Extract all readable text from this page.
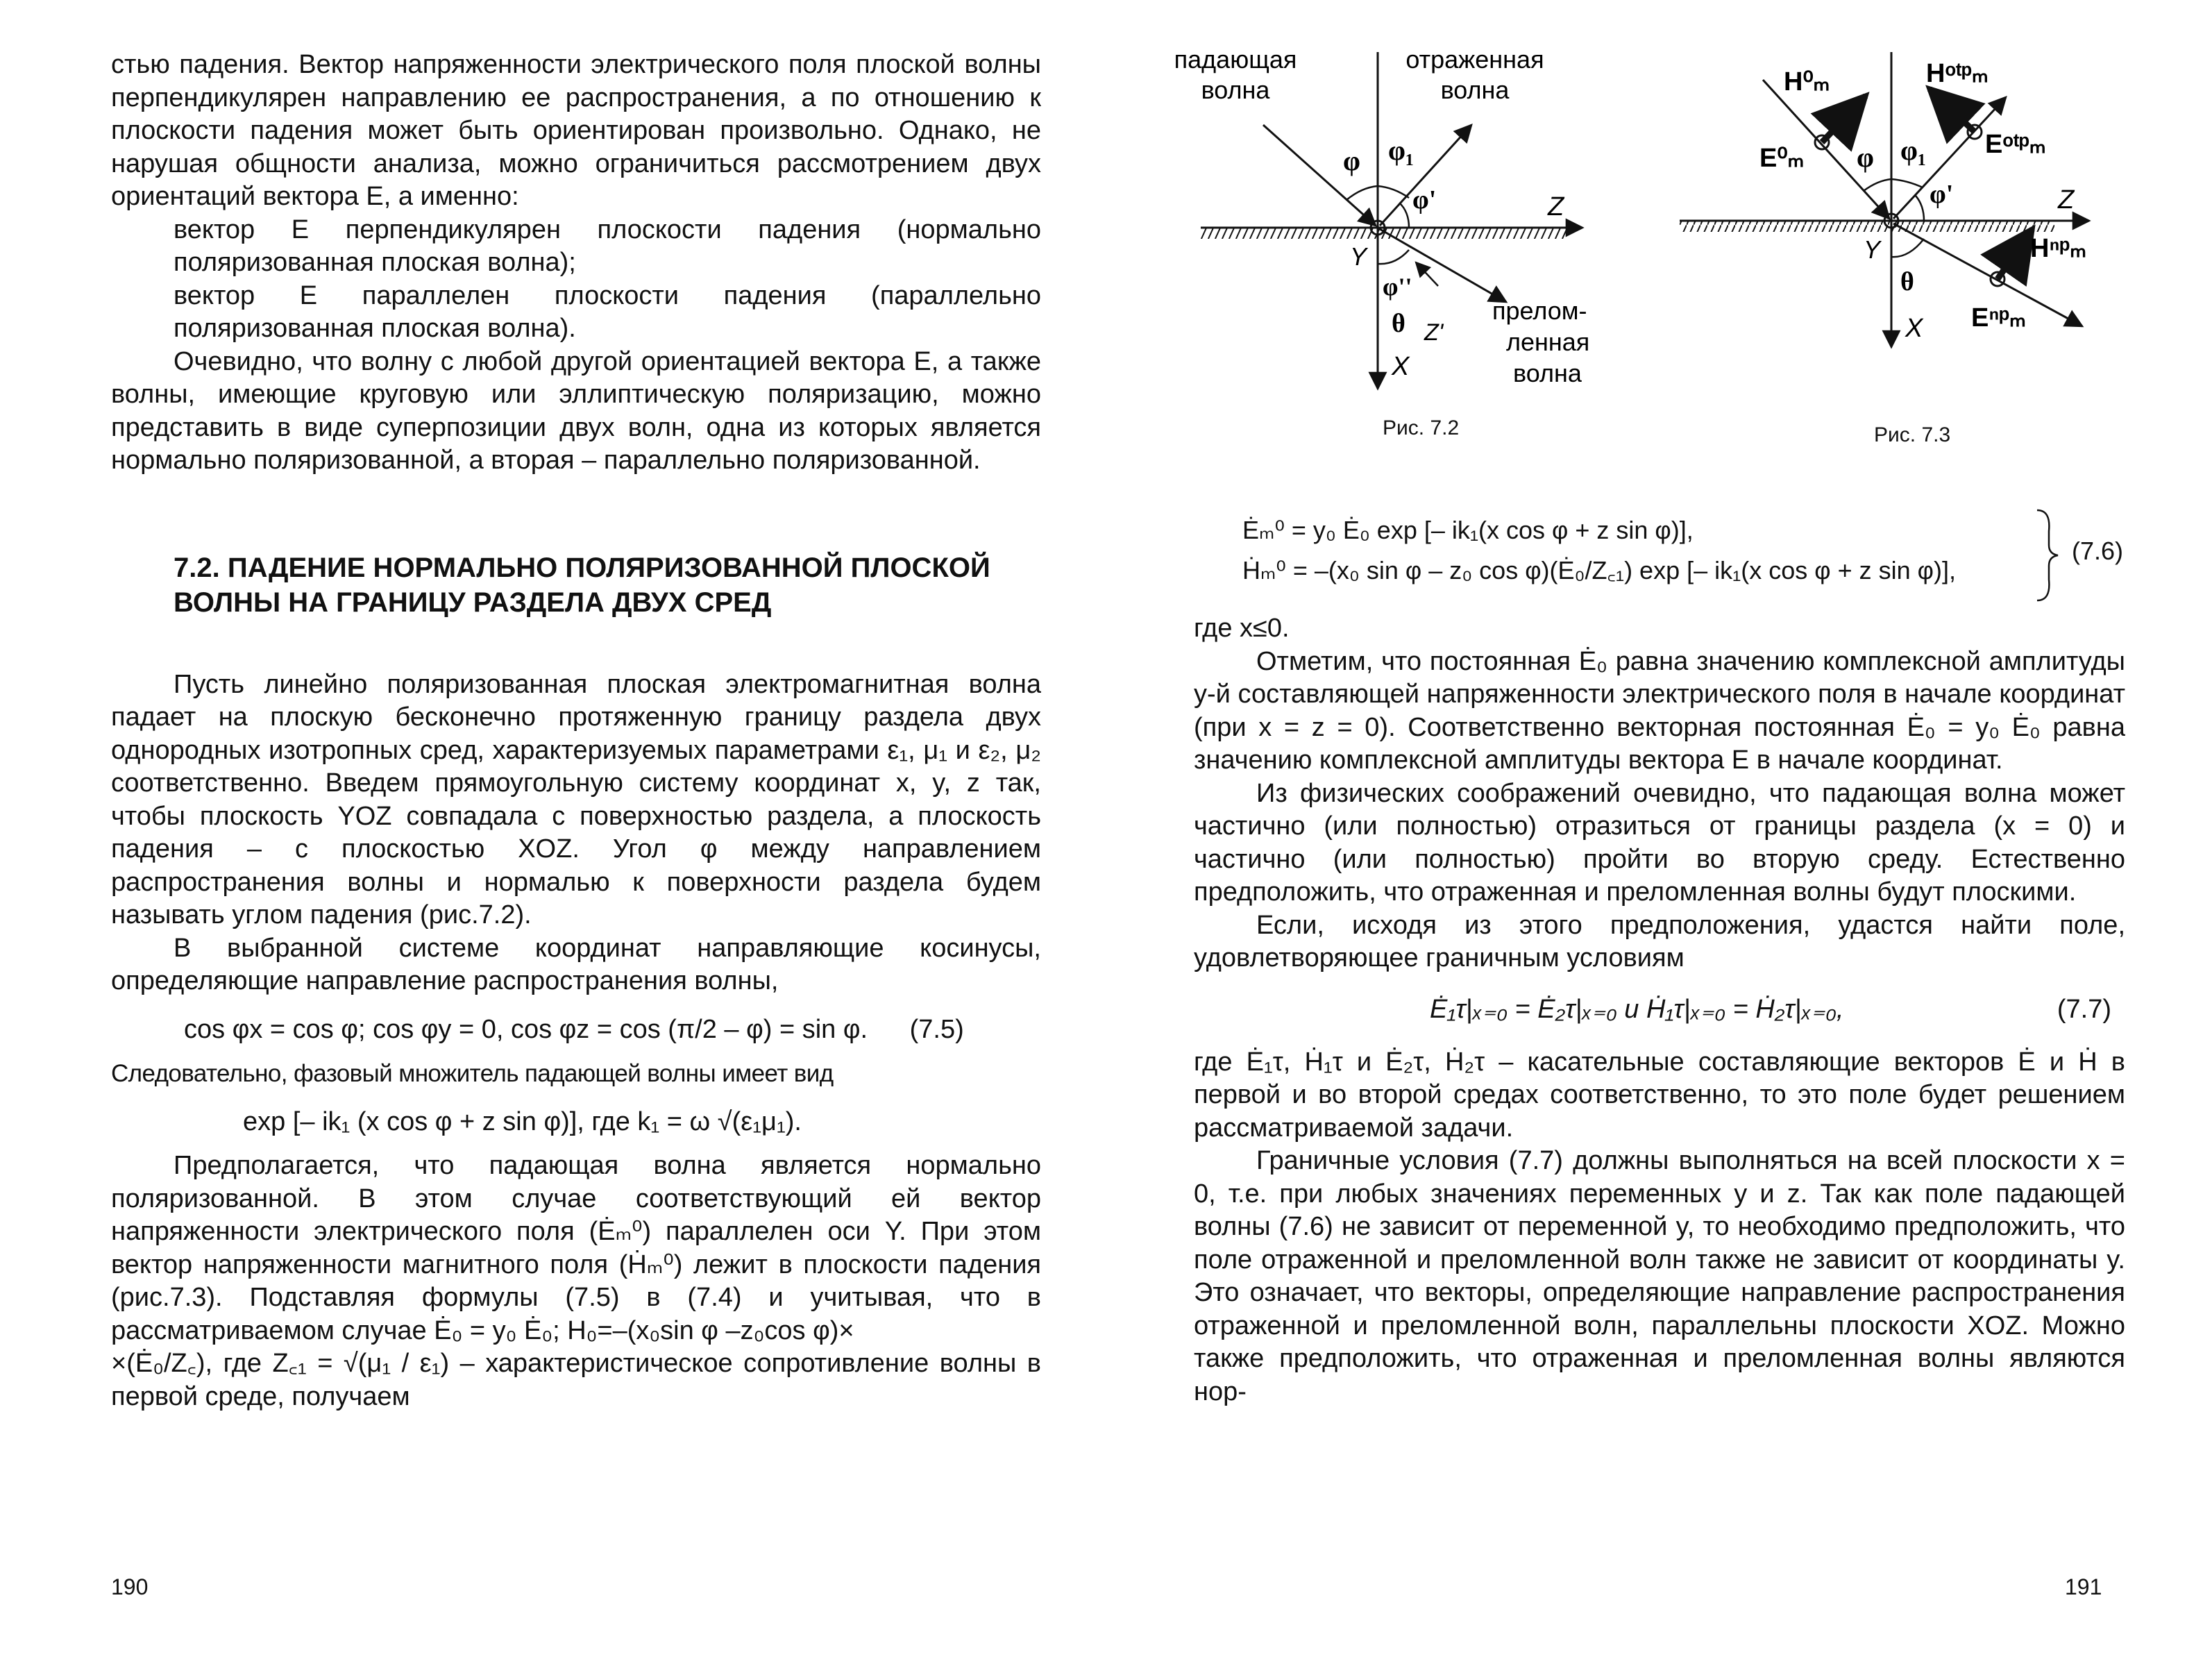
стью падения. Вектор напряженности электрического поля плоской волны перпендикулярен направлению ее распространения, а по отношению к плоскости падения может быть ориентирован произвольно. Однако, не нарушая общности анализа, можно ограничиться рассмотрением двух ориентаций вектора E, а именно:

вектор E перпендикулярен плоскости падения (нормально поляризованная плоская волна);

вектор E параллелен плоскости падения (параллельно поляризованная плоская волна).

Очевидно, что волну с любой другой ориентацией вектора E, а также волны, имеющие круговую или эллиптическую поляризацию, можно представить в виде суперпозиции двух волн, одна из которых является нормально поляризованной, а вторая – параллельно поляризованной.

7.2. ПАДЕНИЕ НОРМАЛЬНО ПОЛЯРИЗОВАННОЙ ПЛОСКОЙ ВОЛНЫ НА ГРАНИЦУ РАЗДЕЛА ДВУХ СРЕД

Пусть линейно поляризованная плоская электромагнитная волна падает на плоскую бесконечно протяженную границу раздела двух однородных изотропных сред, характеризуемых параметрами ε₁, μ₁ и ε₂, μ₂ соответственно. Введем прямоугольную систему координат x, y, z так, чтобы плоскость YOZ совпадала с поверхностью раздела, а плоскость падения – с плоскостью XOZ. Угол φ между направлением распространения волны и нормалью к поверхности раздела будем называть углом падения (рис.7.2).

В выбранной системе координат направляющие косинусы, определяющие направление распространения волны,

cos φx = cos φ; cos φy = 0, cos φz = cos (π/2 – φ) = sin φ. (7.5)

Следовательно, фазовый множитель падающей волны имеет вид

exp [– ik₁ (x cos φ + z sin φ)], где k₁ = ω √(ε₁μ₁).

Предполагается, что падающая волна является нормально поляризованной. В этом случае соответствующий ей вектор напряженности электрического поля (Ėₘ⁰) параллелен оси Y. При этом вектор напряженности магнитного поля (Ḣₘ⁰) лежит в плоскости падения (рис.7.3). Подставляя формулы (7.5) в (7.4) и учитывая, что в рассматриваемом случае Ė₀ = y₀ Ė₀; H₀=–(x₀sin φ –z₀cos φ)×

×(Ė₀/Z꜀), где Z꜀₁ = √(μ₁ / ε₁) – характеристическое сопротивление волны в первой среде, получаем

190
падающая
волна
отраженная
волна
прелом-
ленная
волна
φ φ₁
φ'
φ''
θ
Z
Y
X
Z'
Рис. 7.2
H⁰ₘ	Hᵒᵗᵖₘ
E⁰ₘ	Eᵒᵗᵖₘ
Hⁿᵖₘ
Eⁿᵖₘ
φ φ₁
φ'
θ
Z
Y
X
Рис. 7.3
Ėₘ⁰ = y₀ Ė₀ exp [– ik₁(x cos φ + z sin φ)],
Ḣₘ⁰ = –(x₀ sin φ – z₀ cos φ)(Ė₀/Z꜀₁) exp [– ik₁(x cos φ + z sin φ)],
(7.6)

где x≤0.

Отметим, что постоянная Ė₀ равна значению комплексной амплитуды y-й составляющей напряженности электрического поля в начале координат (при x = z = 0). Соответственно векторная постоянная Ė₀ = y₀ Ė₀ равна значению комплексной амплитуды вектора E в начале координат.

Из физических соображений очевидно, что падающая волна может частично (или полностью) отразиться от границы раздела (x = 0) и частично (или полностью) пройти во вторую среду. Естественно предположить, что отраженная и преломленная волны будут плоскими.

Если, исходя из этого предположения, удастся найти поле, удовлетворяющее граничным условиям

Ė₁τ|ₓ₌₀ = Ė₂τ|ₓ₌₀ и Ḣ₁τ|ₓ₌₀ = Ḣ₂τ|ₓ₌₀,	(7.7)

где Ė₁τ, Ḣ₁τ и Ė₂τ, Ḣ₂τ – касательные составляющие векторов Ė и Ḣ в первой и во второй средах соответственно, то это поле будет решением рассматриваемой задачи.

Граничные условия (7.7) должны выполняться на всей плоскости x = 0, т.е. при любых значениях переменных y и z. Так как поле падающей волны (7.6) не зависит от переменной y, то необходимо предположить, что поле отраженной и преломленной волн также не зависит от координаты y. Это означает, что векторы, определяющие направление распространения отраженной и преломленной волн, параллельны плоскости XOZ. Можно также предположить, что отраженная и преломленная волны являются нор-

191
